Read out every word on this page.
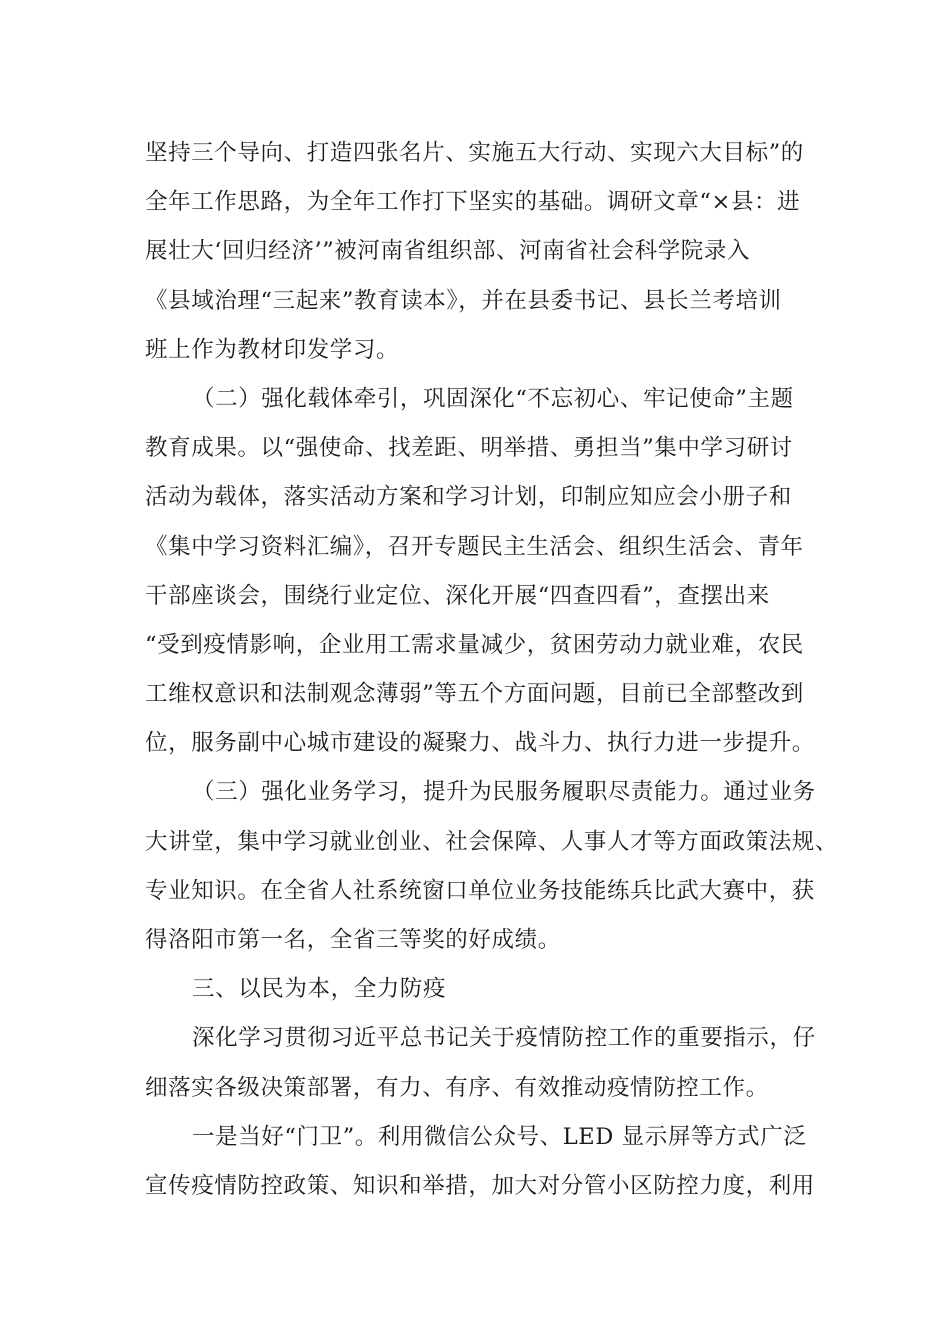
坚持三个导向、打造四张名片、实施五大行动、实现六大目标”的
全年工作思路，为全年工作打下坚实的基础。调研文章“×县：进
展壮大‘回归经济’”被河南省组织部、河南省社会科学院录入
《县域治理“三起来”教育读本》，并在县委书记、县长兰考培训
班上作为教材印发学习。
（二）强化载体牵引，巩固深化“不忘初心、牢记使命”主题
教育成果。以“强使命、找差距、明举措、勇担当”集中学习研讨
活动为载体，落实活动方案和学习计划，印制应知应会小册子和
《集中学习资料汇编》，召开专题民主生活会、组织生活会、青年
干部座谈会，围绕行业定位、深化开展“四查四看”，查摆出来
“受到疫情影响，企业用工需求量减少，贫困劳动力就业难，农民
工维权意识和法制观念薄弱”等五个方面问题，目前已全部整改到
位，服务副中心城市建设的凝聚力、战斗力、执行力进一步提升。
（三）强化业务学习，提升为民服务履职尽责能力。通过业务
大讲堂，集中学习就业创业、社会保障、人事人才等方面政策法规、
专业知识。在全省人社系统窗口单位业务技能练兵比武大赛中，获
得洛阳市第一名，全省三等奖的好成绩。
三、以民为本，全力防疫
深化学习贯彻习近平总书记关于疫情防控工作的重要指示，仔
细落实各级决策部署，有力、有序、有效推动疫情防控工作。
一是当好“门卫”。利用微信公众号、LED 显示屏等方式广泛
宣传疫情防控政策、知识和举措，加大对分管小区防控力度，利用
